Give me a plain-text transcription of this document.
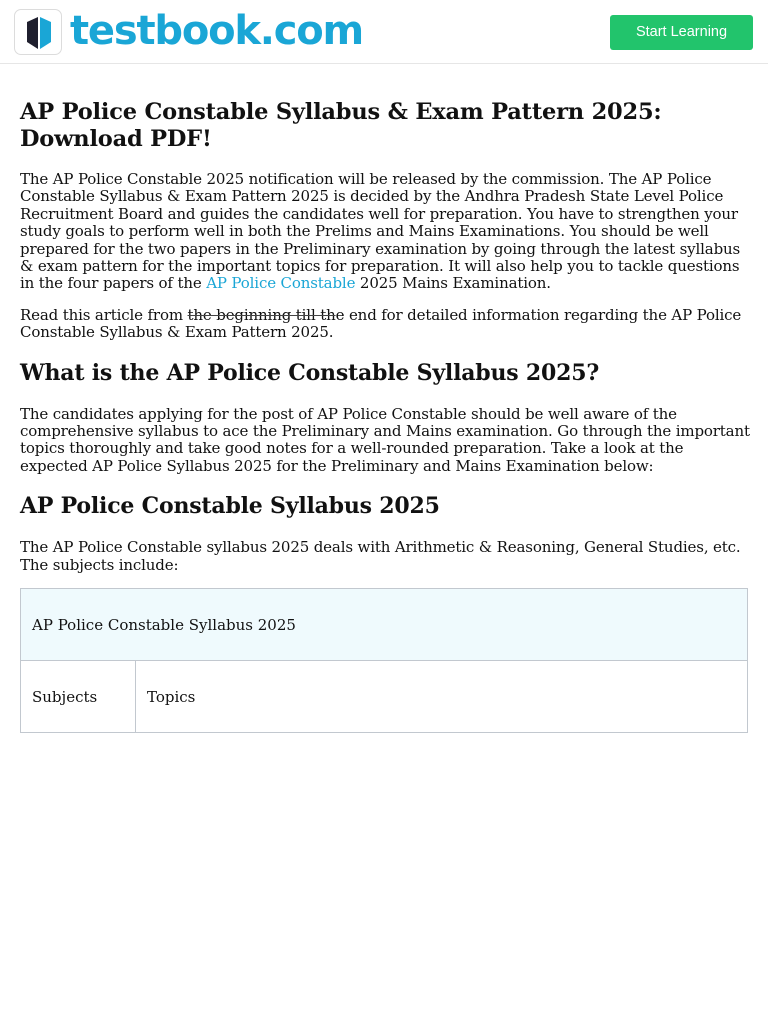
testbook.com	Start Learning
AP Police Constable Syllabus & Exam Pattern 2025: Download PDF!

The AP Police Constable 2025 notification will be released by the commission. The AP Police Constable Syllabus & Exam Pattern 2025 is decided by the Andhra Pradesh State Level Police Recruitment Board and guides the candidates well for preparation. You have to strengthen your study goals to perform well in both the Prelims and Mains Examinations. You should be well prepared for the two papers in the Preliminary examination by going through the latest syllabus & exam pattern for the important topics for preparation. It will also help you to tackle questions in the four papers of the AP Police Constable 2025 Mains Examination.

Read this article from the beginning till the end for detailed information regarding the AP Police Constable Syllabus & Exam Pattern 2025.

What is the AP Police Constable Syllabus 2025?

The candidates applying for the post of AP Police Constable should be well aware of the comprehensive syllabus to ace the Preliminary and Mains examination. Go through the important topics thoroughly and take good notes for a well-rounded preparation. Take a look at the expected AP Police Syllabus 2025 for the Preliminary and Mains Examination below:

AP Police Constable Syllabus 2025

The AP Police Constable syllabus 2025 deals with Arithmetic & Reasoning, General Studies, etc. The subjects include:

AP Police Constable Syllabus 2025
Subjects	Topics
